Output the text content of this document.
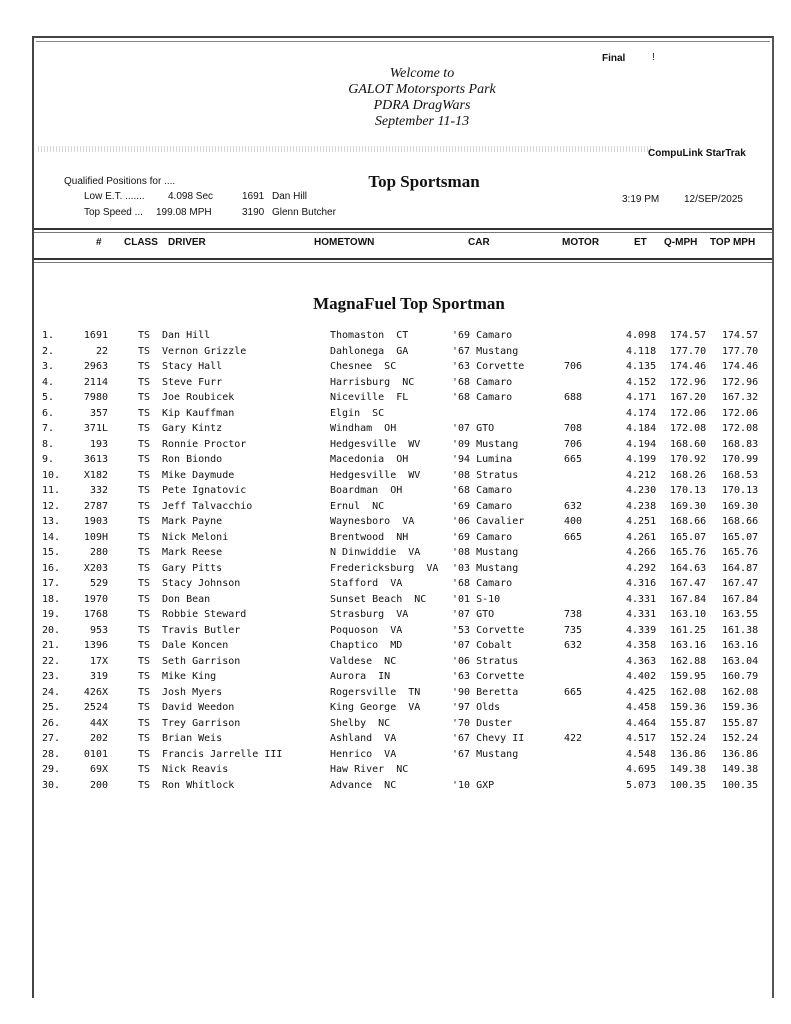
Final	!
Welcome to
GALOT Motorsports Park
PDRA DragWars
September 11-13
CompuLink StarTrak
Qualified Positions for ....
Low E.T. ....... 4.098 Sec	1691 Dan Hill
Top Speed ... 199.08 MPH	3190 Glenn Butcher
Top Sportsman
3:19 PM 12/SEP/2025
# CLASS DRIVER	HOMETOWN	CAR	MOTOR	ET Q-MPH TOP MPH
MagnaFuel Top Sportman
1.	1691	TS Dan Hill	Thomaston  CT	'69 Camaro	4.098 174.57 174.57
2.	22	TS Vernon Grizzle	Dahlonega  GA	'67 Mustang	4.118 177.70 177.70
3.	2963	TS Stacy Hall	Chesnee  SC	'63 Corvette	706	4.135 174.46 174.46
4.	2114	TS Steve Furr	Harrisburg  NC	'68 Camaro	4.152 172.96 172.96
5.	7980	TS Joe Roubicek	Niceville  FL	'68 Camaro	688	4.171 167.20 167.32
6.	357	TS Kip Kauffman	Elgin  SC	4.174 172.06 172.06
7.	371L	TS Gary Kintz	Windham  OH	'07 GTO	708	4.184 172.08 172.08
8.	193	TS Ronnie Proctor	Hedgesville  WV	'09 Mustang	706	4.194 168.60 168.83
9.	3613	TS Ron Biondo	Macedonia  OH	'94 Lumina	665	4.199 170.92 170.99
10.	X182	TS Mike Daymude	Hedgesville  WV	'08 Stratus	4.212 168.26 168.53
11.	332	TS Pete Ignatovic	Boardman  OH	'68 Camaro	4.230 170.13 170.13
12.	2787	TS Jeff Talvacchio	Ernul  NC	'69 Camaro	632	4.238 169.30 169.30
13.	1903	TS Mark Payne	Waynesboro  VA	'06 Cavalier	400	4.251 168.66 168.66
14.	109H	TS Nick Meloni	Brentwood  NH	'69 Camaro	665	4.261 165.07 165.07
15.	280	TS Mark Reese	N Dinwiddie  VA	'08 Mustang	4.266 165.76 165.76
16.	X203	TS Gary Pitts	Fredericksburg  VA '03 Mustang	4.292 164.63 164.87
17.	529	TS Stacy Johnson	Stafford  VA	'68 Camaro	4.316 167.47 167.47
18.	1970	TS Don Bean	Sunset Beach  NC	'01 S-10	4.331 167.84 167.84
19.	1768	TS Robbie Steward	Strasburg  VA	'07 GTO	738	4.331 163.10 163.55
20.	953	TS Travis Butler	Poquoson  VA	'53 Corvette	735	4.339 161.25 161.38
21.	1396	TS Dale Koncen	Chaptico  MD	'07 Cobalt	632	4.358 163.16 163.16
22.	17X	TS Seth Garrison	Valdese  NC	'06 Stratus	4.363 162.88 163.04
23.	319	TS Mike King	Aurora  IN	'63 Corvette	4.402 159.95 160.79
24.	426X	TS Josh Myers	Rogersville  TN	'90 Beretta	665	4.425 162.08 162.08
25.	2524	TS David Weedon	King George  VA	'97 Olds	4.458 159.36 159.36
26.	44X	TS Trey Garrison	Shelby  NC	'70 Duster	4.464 155.87 155.87
27.	202	TS Brian Weis	Ashland  VA	'67 Chevy II	422	4.517 152.24 152.24
28.	0101	TS Francis Jarrelle III	Henrico  VA	'67 Mustang	4.548 136.86 136.86
29.	69X	TS Nick Reavis	Haw River  NC	4.695 149.38 149.38
30.	200	TS Ron Whitlock	Advance  NC	'10 GXP	5.073 100.35 100.35
